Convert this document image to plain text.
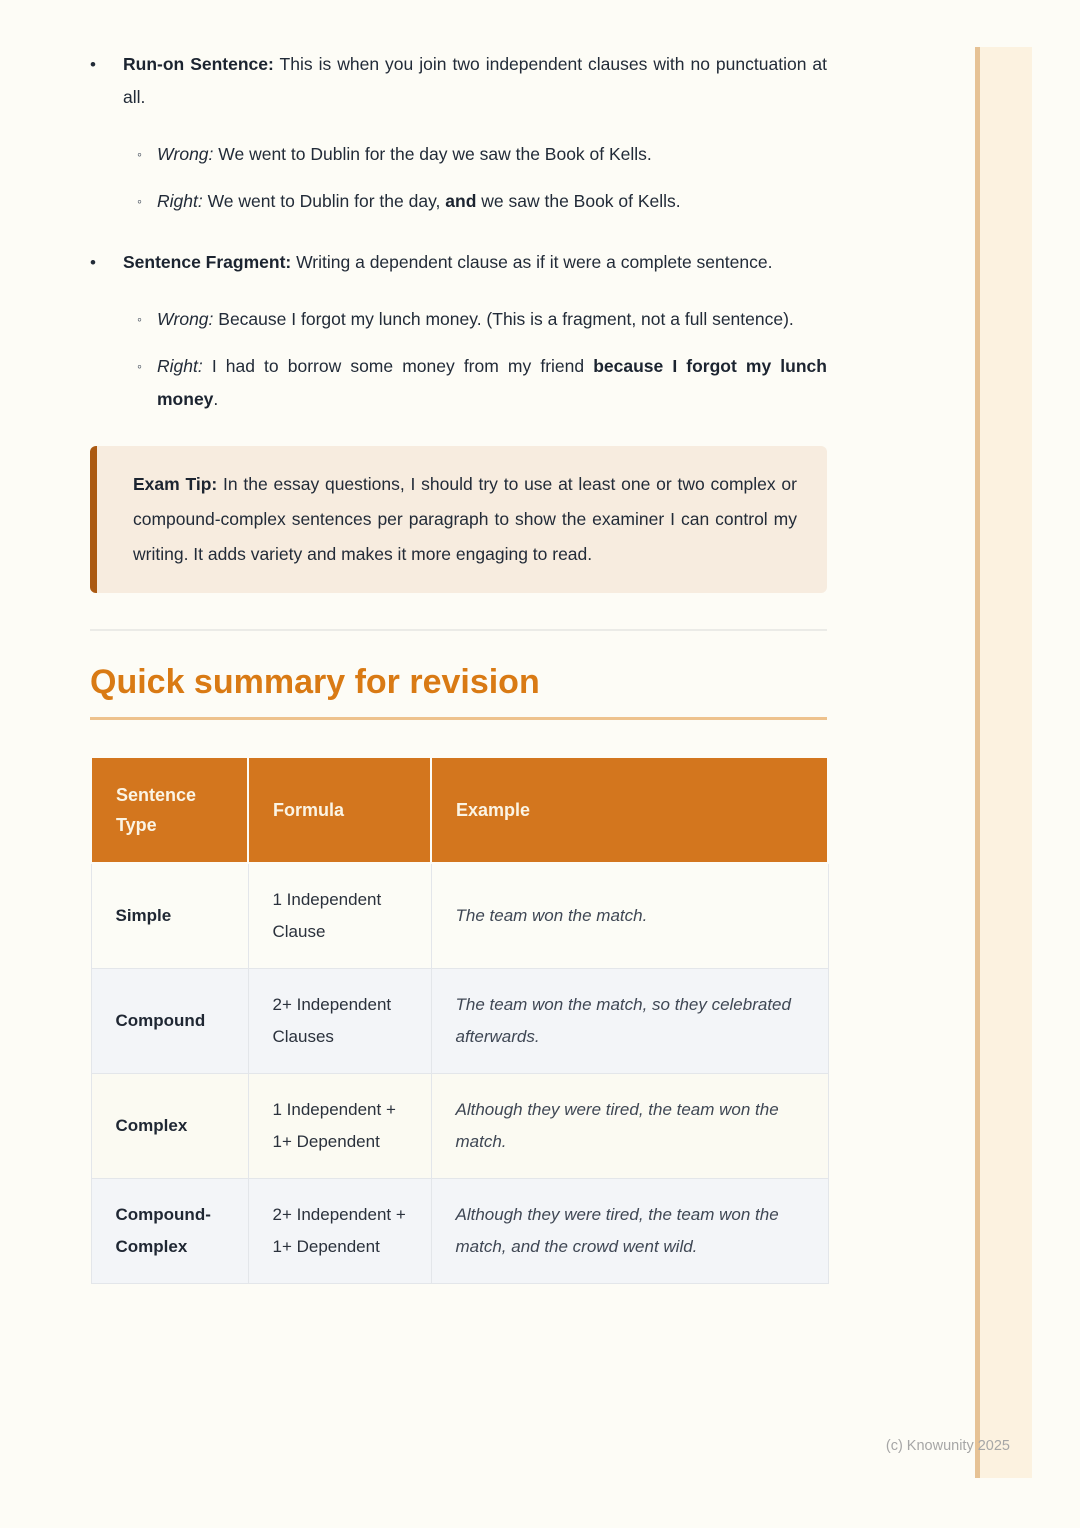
•	Run-on Sentence: This is when you join two independent clauses with no punctuation at all.

◦ Wrong: We went to Dublin for the day we saw the Book of Kells.

◦ Right: We went to Dublin for the day, and we saw the Book of Kells.

•	Sentence Fragment: Writing a dependent clause as if it were a complete sentence.

◦ Wrong: Because I forgot my lunch money. (This is a fragment, not a full sentence).

◦ Right: I had to borrow some money from my friend because I forgot my lunch money.

Exam Tip: In the essay questions, I should try to use at least one or two complex or compound-complex sentences per paragraph to show the examiner I can control my writing. It adds variety and makes it more engaging to read.

Quick summary for revision
Sentence Type	Formula	Example
Simple	1 Independent Clause	The team won the match.
Compound	2+ Independent Clauses	The team won the match, so they celebrated afterwards.
Complex	1 Independent + 1+ Dependent	Although they were tired, the team won the match.
Compound-Complex	2+ Independent + 1+ Dependent	Although they were tired, the team won the match, and the crowd went wild.
(c) Knowunity 2025
